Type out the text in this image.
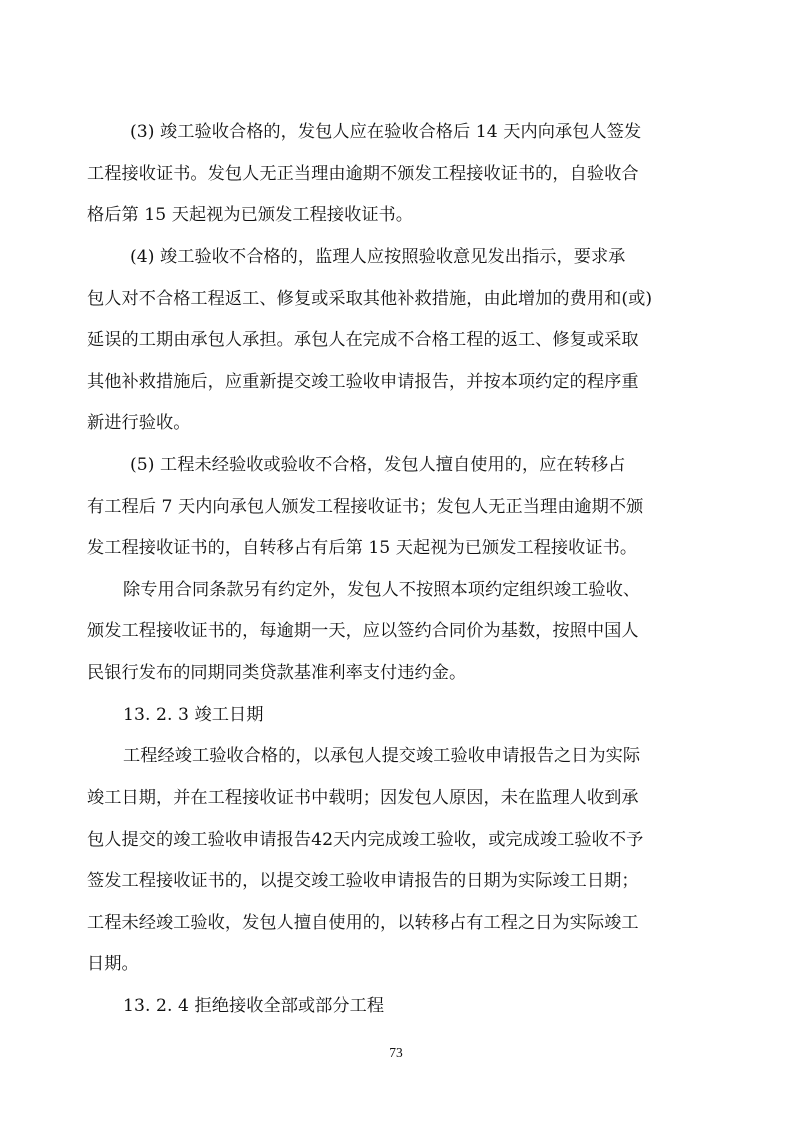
(3) 竣工验收合格的，发包人应在验收合格后 14 天内向承包人签发
工程接收证书。发包人无正当理由逾期不颁发工程接收证书的，自验收合
格后第 15 天起视为已颁发工程接收证书。
(4) 竣工验收不合格的，监理人应按照验收意见发出指示，要求承
包人对不合格工程返工、修复或采取其他补救措施，由此增加的费用和(或)
延误的工期由承包人承担。承包人在完成不合格工程的返工、修复或采取
其他补救措施后，应重新提交竣工验收申请报告，并按本项约定的程序重
新进行验收。
(5) 工程未经验收或验收不合格，发包人擅自使用的，应在转移占
有工程后 7 天内向承包人颁发工程接收证书；发包人无正当理由逾期不颁
发工程接收证书的，自转移占有后第 15 天起视为已颁发工程接收证书。
除专用合同条款另有约定外，发包人不按照本项约定组织竣工验收、
颁发工程接收证书的，每逾期一天，应以签约合同价为基数，按照中国人
民银行发布的同期同类贷款基准利率支付违约金。
13. 2. 3 竣工日期
工程经竣工验收合格的，以承包人提交竣工验收申请报告之日为实际
竣工日期，并在工程接收证书中载明；因发包人原因，未在监理人收到承
包人提交的竣工验收申请报告42天内完成竣工验收，或完成竣工验收不予
签发工程接收证书的，以提交竣工验收申请报告的日期为实际竣工日期；
工程未经竣工验收，发包人擅自使用的，以转移占有工程之日为实际竣工
日期。
13. 2. 4 拒绝接收全部或部分工程
73
